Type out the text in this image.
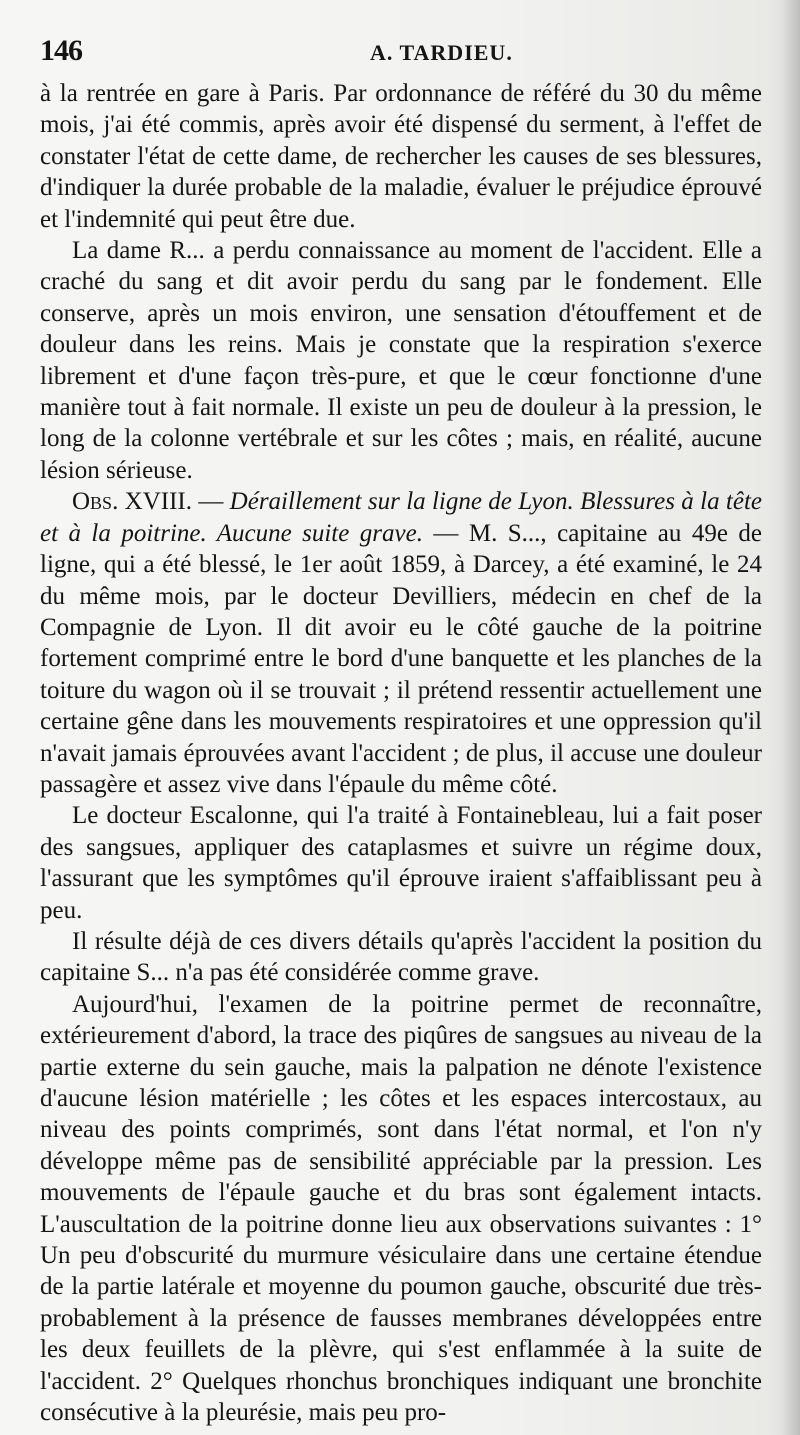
146	A. TARDIEU.

à la rentrée en gare à Paris. Par ordonnance de référé du 30 du même mois, j'ai été commis, après avoir été dispensé du serment, à l'effet de constater l'état de cette dame, de rechercher les causes de ses blessures, d'indiquer la durée probable de la maladie, évaluer le préjudice éprouvé et l'indemnité qui peut être due.

La dame R... a perdu connaissance au moment de l'accident. Elle a craché du sang et dit avoir perdu du sang par le fondement. Elle conserve, après un mois environ, une sensation d'étouffement et de douleur dans les reins. Mais je constate que la respiration s'exerce librement et d'une façon très-pure, et que le cœur fonctionne d'une manière tout à fait normale. Il existe un peu de douleur à la pression, le long de la colonne vertébrale et sur les côtes ; mais, en réalité, aucune lésion sérieuse.

Obs. XVIII. — Déraillement sur la ligne de Lyon. Blessures à la tête et à la poitrine. Aucune suite grave. — M. S..., capitaine au 49e de ligne, qui a été blessé, le 1er août 1859, à Darcey, a été examiné, le 24 du même mois, par le docteur Devilliers, médecin en chef de la Compagnie de Lyon. Il dit avoir eu le côté gauche de la poitrine fortement comprimé entre le bord d'une banquette et les planches de la toiture du wagon où il se trouvait ; il prétend ressentir actuellement une certaine gêne dans les mouvements respiratoires et une oppression qu'il n'avait jamais éprouvées avant l'accident ; de plus, il accuse une douleur passagère et assez vive dans l'épaule du même côté.

Le docteur Escalonne, qui l'a traité à Fontainebleau, lui a fait poser des sangsues, appliquer des cataplasmes et suivre un régime doux, l'assurant que les symptômes qu'il éprouve iraient s'affaiblissant peu à peu.

Il résulte déjà de ces divers détails qu'après l'accident la position du capitaine S... n'a pas été considérée comme grave.

Aujourd'hui, l'examen de la poitrine permet de reconnaître, extérieurement d'abord, la trace des piqûres de sangsues au niveau de la partie externe du sein gauche, mais la palpation ne dénote l'existence d'aucune lésion matérielle ; les côtes et les espaces intercostaux, au niveau des points comprimés, sont dans l'état normal, et l'on n'y développe même pas de sensibilité appréciable par la pression. Les mouvements de l'épaule gauche et du bras sont également intacts. L'auscultation de la poitrine donne lieu aux observations suivantes : 1° Un peu d'obscurité du murmure vésiculaire dans une certaine étendue de la partie latérale et moyenne du poumon gauche, obscurité due très-probablement à la présence de fausses membranes développées entre les deux feuillets de la plèvre, qui s'est enflammée à la suite de l'accident. 2° Quelques rhonchus bronchiques indiquant une bronchite consécutive à la pleurésie, mais peu pro-
